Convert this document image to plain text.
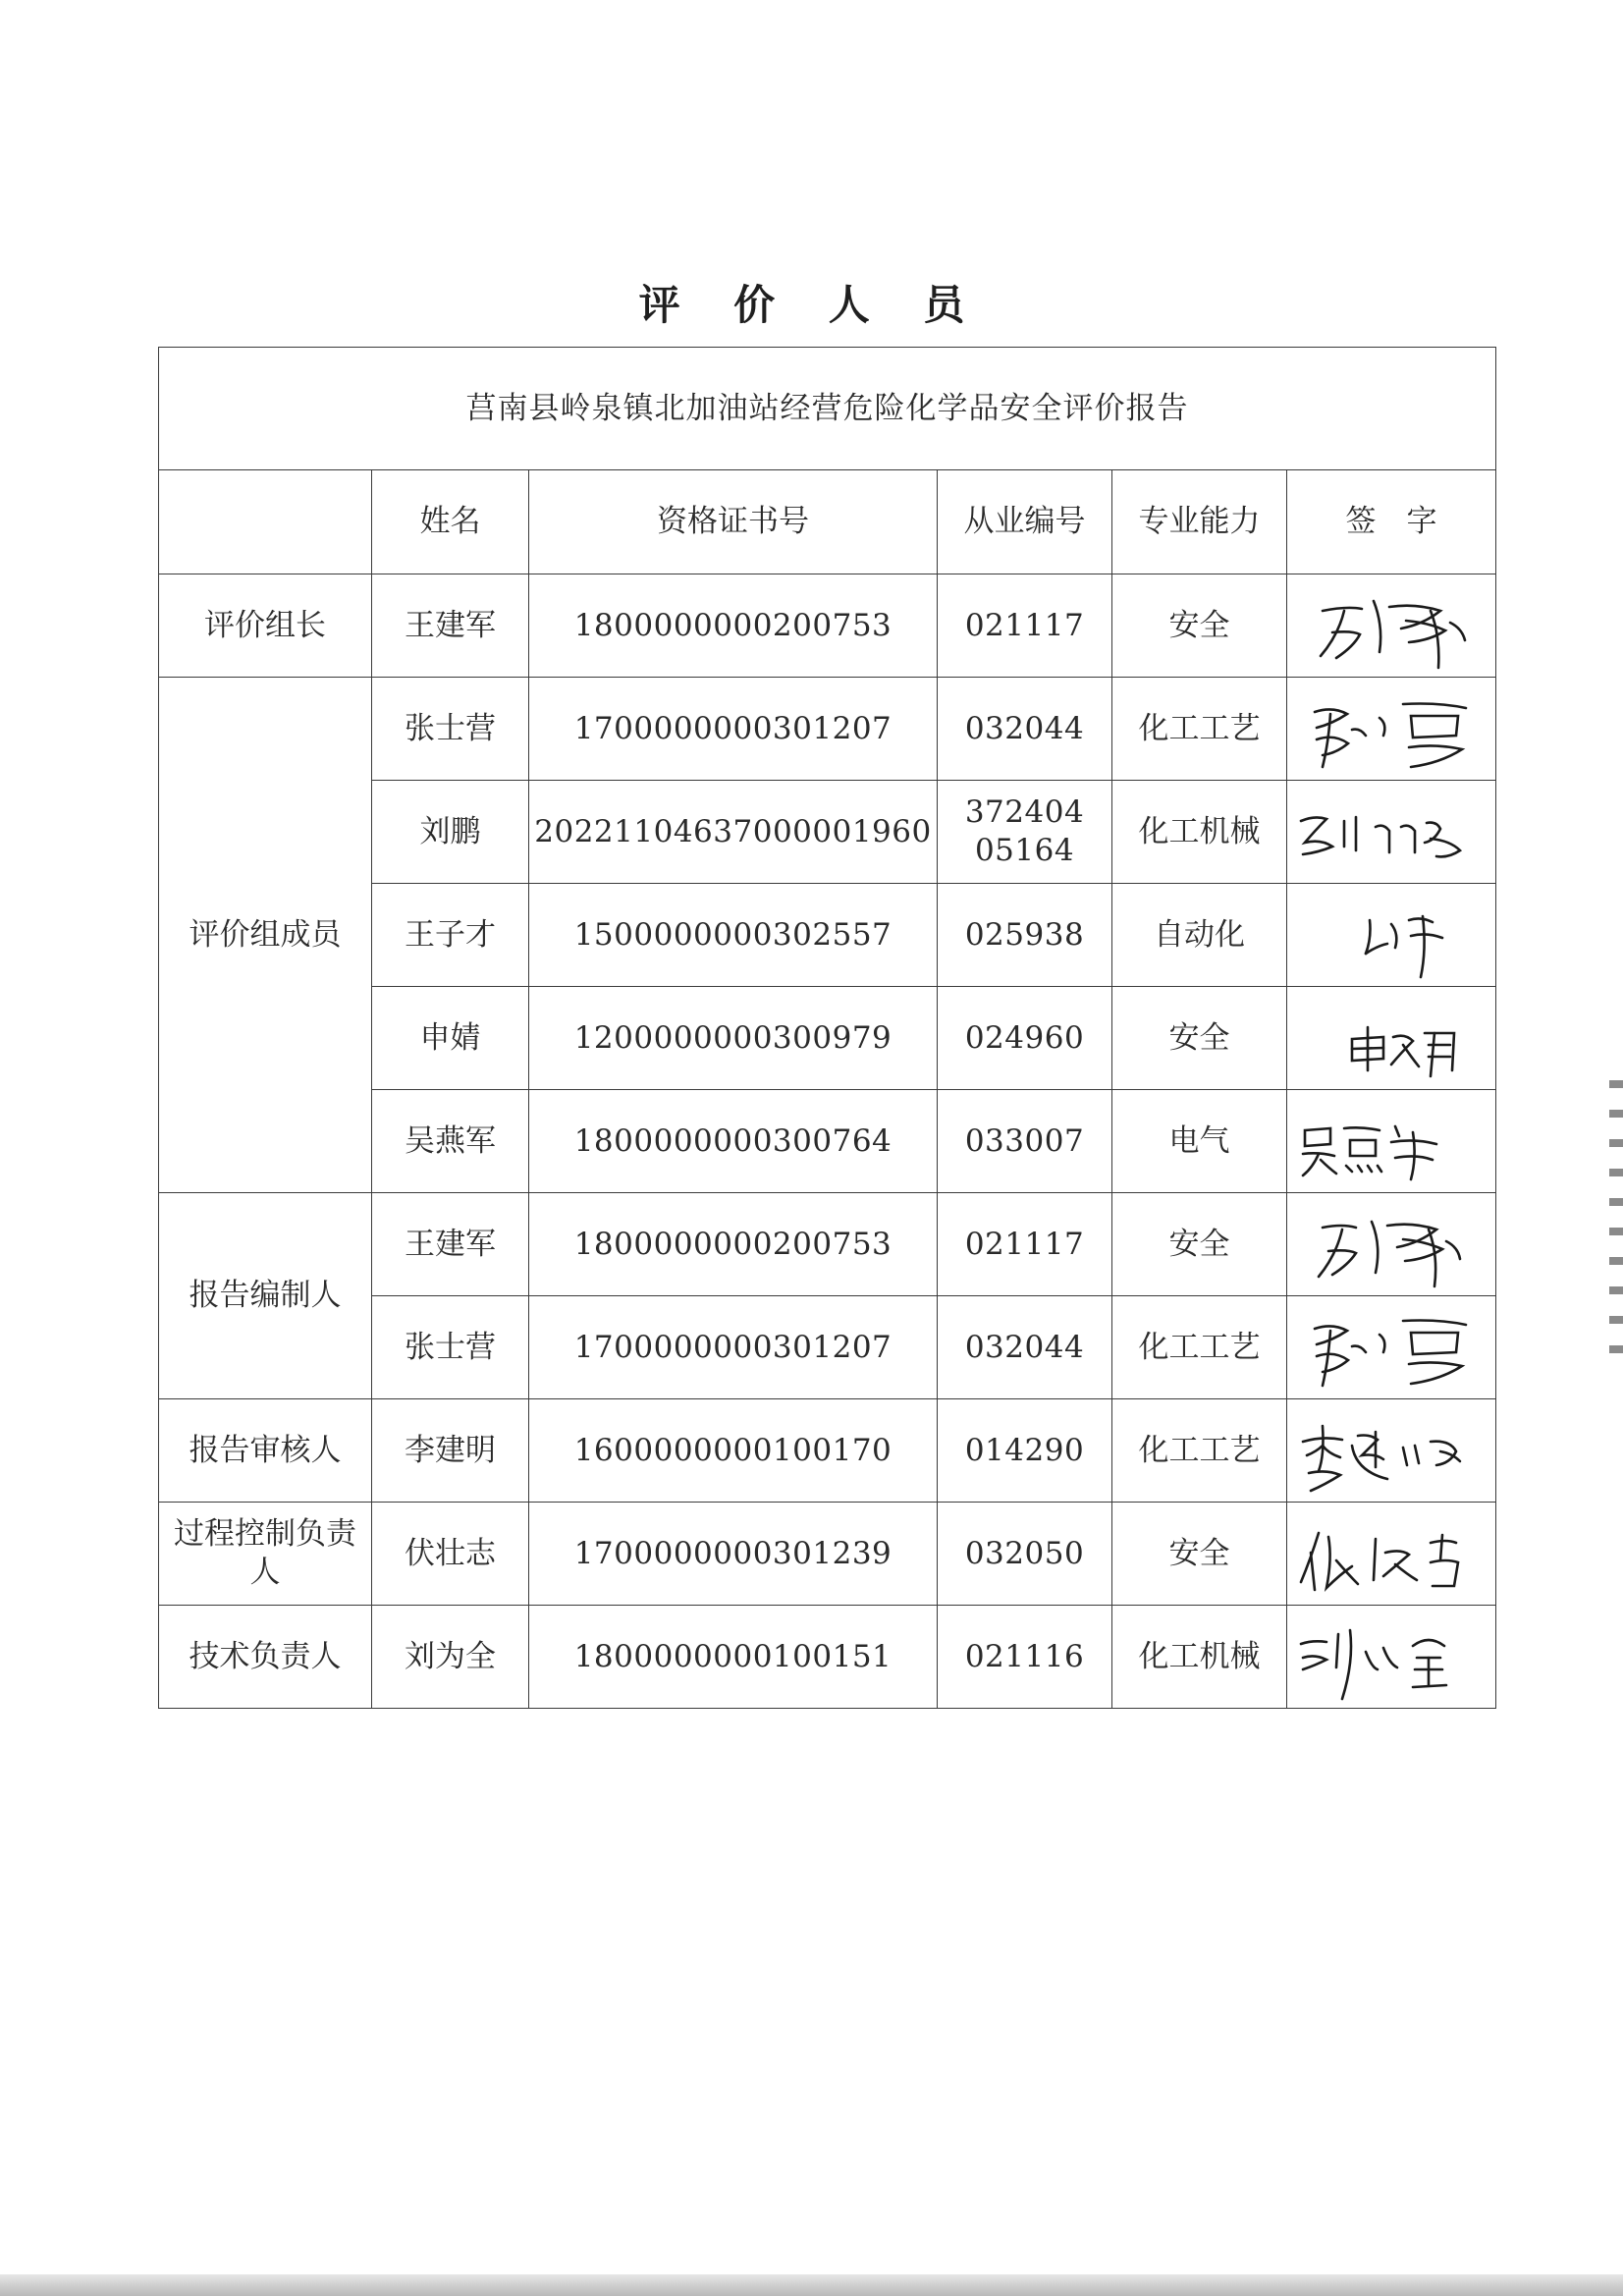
评 价 人 员
莒南县岭泉镇北加油站经营危险化学品安全评价报告					
	姓名	资格证书号	从业编号	专业能力	签　字
评价组长	王建军	1800000000200753	021117	安全	

评价组成员	张士营	1700000000301207	032044	化工工艺	

	刘鹏	20221104637000001960	372404
05164	化工机械	

	王子才	1500000000302557	025938	自动化	

	申婧	1200000000300979	024960	安全	

	吴燕军	1800000000300764	033007	电气	

报告编制人	王建军	1800000000200753	021117	安全	

	张士营	1700000000301207	032044	化工工艺	

报告审核人	李建明	1600000000100170	014290	化工工艺	

过程控制负责人	伏壮志	1700000000301239	032050	安全	

技术负责人	刘为全	1800000000100151	021116	化工机械	
